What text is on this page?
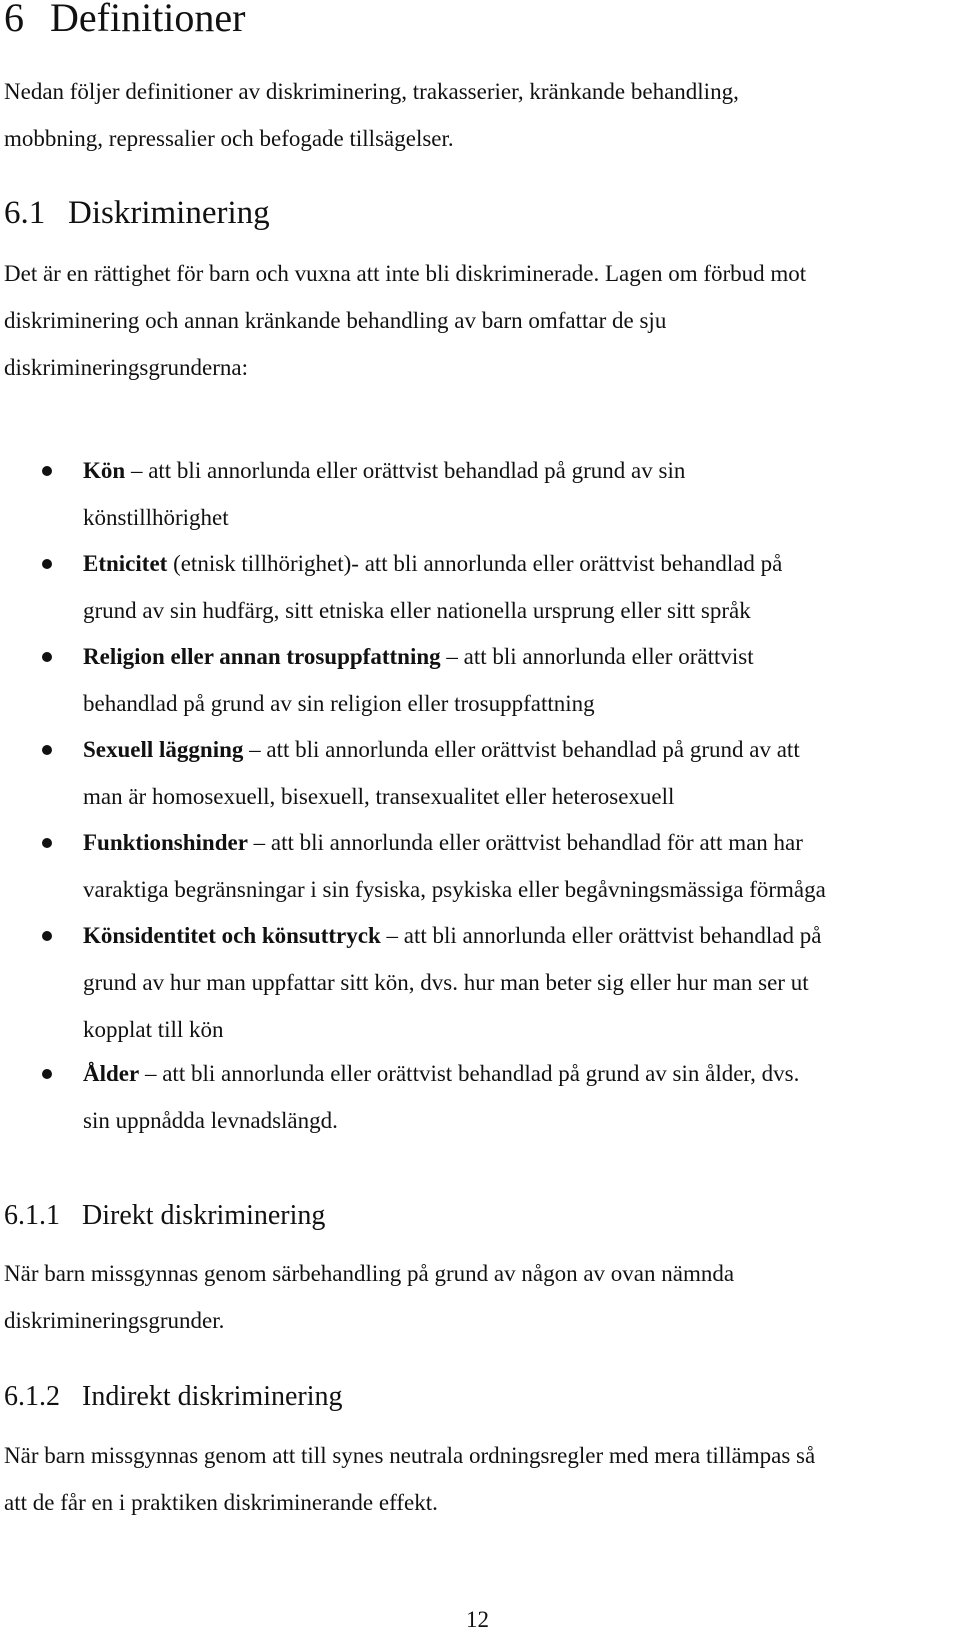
6 Definitioner
Nedan följer definitioner av diskriminering, trakasserier, kränkande behandling,
mobbning, repressalier och befogade tillsägelser.
6.1 Diskriminering
Det är en rättighet för barn och vuxna att inte bli diskriminerade. Lagen om förbud mot
diskriminering och annan kränkande behandling av barn omfattar de sju
diskrimineringsgrunderna:
Kön – att bli annorlunda eller orättvist behandlad på grund av sin
könstillhörighet
Etnicitet (etnisk tillhörighet)- att bli annorlunda eller orättvist behandlad på
grund av sin hudfärg, sitt etniska eller nationella ursprung eller sitt språk
Religion eller annan trosuppfattning – att bli annorlunda eller orättvist
behandlad på grund av sin religion eller trosuppfattning
Sexuell läggning – att bli annorlunda eller orättvist behandlad på grund av att
man är homosexuell, bisexuell, transexualitet eller heterosexuell
Funktionshinder – att bli annorlunda eller orättvist behandlad för att man har
varaktiga begränsningar i sin fysiska, psykiska eller begåvningsmässiga förmåga
Könsidentitet och könsuttryck – att bli annorlunda eller orättvist behandlad på
grund av hur man uppfattar sitt kön, dvs. hur man beter sig eller hur man ser ut
kopplat till kön
Ålder – att bli annorlunda eller orättvist behandlad på grund av sin ålder, dvs.
sin uppnådda levnadslängd.
6.1.1 Direkt diskriminering
När barn missgynnas genom särbehandling på grund av någon av ovan nämnda
diskrimineringsgrunder.
6.1.2 Indirekt diskriminering
När barn missgynnas genom att till synes neutrala ordningsregler med mera tillämpas så
att de får en i praktiken diskriminerande effekt.
12
